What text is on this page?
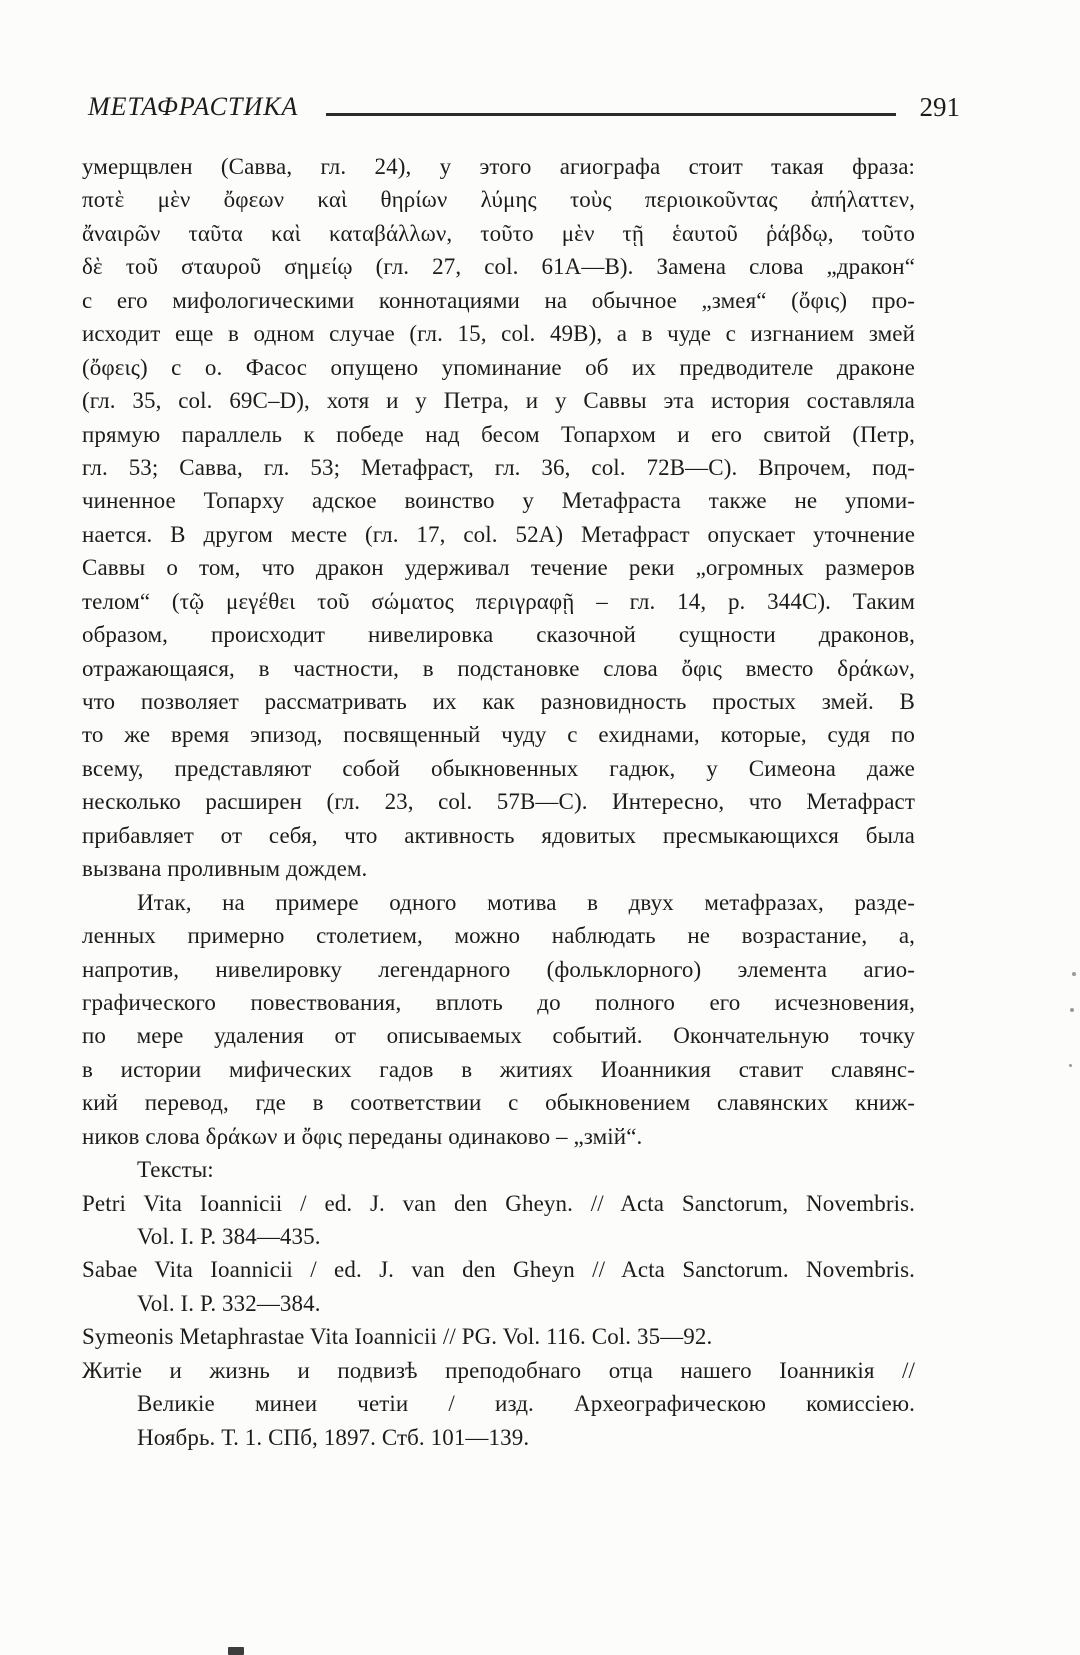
МЕТАФРАСТИКА	291
умерщвлен (Савва, гл. 24), у этого агиографа стоит такая фраза:
ποτὲ μὲν ὄφεων καὶ θηρίων λύμης τοὺς περιοικοῦντας ἀπήλαττεν,
ἄναιρῶν ταῦτα καὶ καταβάλλων, τοῦτο μὲν τῇ ἑαυτοῦ ῥάβδῳ, τοῦτο
δὲ τοῦ σταυροῦ σημείῳ (гл. 27, col. 61A—B). Замена слова „дракон“
с его мифологическими коннотациями на обычное „змея“ (ὄφις) про-
исходит еще в одном случае (гл. 15, col. 49B), а в чуде с изгнанием змей
(ὄφεις) с о. Фасос опущено упоминание об их предводителе драконе
(гл. 35, col. 69C–D), хотя и у Петра, и у Саввы эта история составляла
прямую параллель к победе над бесом Топархом и его свитой (Петр,
гл. 53; Савва, гл. 53; Метафраст, гл. 36, col. 72B—C). Впрочем, под-
чиненное Топарху адское воинство у Метафраста также не упоми-
нается. В другом месте (гл. 17, col. 52A) Метафраст опускает уточнение
Саввы о том, что дракон удерживал течение реки „огромных размеров
телом“ (τῷ μεγέθει τοῦ σώματος περιγραφῇ – гл. 14, p. 344C). Таким
образом, происходит нивелировка сказочной сущности драконов,
отражающаяся, в частности, в подстановке слова ὄφις вместо δράκων,
что позволяет рассматривать их как разновидность простых змей. В
то же время эпизод, посвященный чуду с ехиднами, которые, судя по
всему, представляют собой обыкновенных гадюк, у Симеона даже
несколько расширен (гл. 23, col. 57B—C). Интересно, что Метафраст
прибавляет от себя, что активность ядовитых пресмыкающихся была
вызвана проливным дождем.
Итак, на примере одного мотива в двух метафразах, разде-
ленных примерно столетием, можно наблюдать не возрастание, а,
напротив, нивелировку легендарного (фольклорного) элемента агио-
графического повествования, вплоть до полного его исчезновения,
по мере удаления от описываемых событий. Окончательную точку
в истории мифических гадов в житиях Иоанникия ставит славянс-
кий перевод, где в соответствии с обыкновением славянских книж-
ников слова δράκων и ὄφις переданы одинаково – „змій“.
Тексты:
Petri Vita Ioannicii / ed. J. van den Gheyn. // Acta Sanctorum, Novembris.
Vol. I. P. 384—435.
Sabae Vita Ioannicii / ed. J. van den Gheyn // Acta Sanctorum. Novembris.
Vol. I. P. 332—384.
Symeonis Metaphrastae Vita Ioannicii // PG. Vol. 116. Col. 35—92.
Житіе и жизнь и подвизѣ преподобнаго отца нашего Іоанникія //
Великіе минеи четіи / изд. Археографическою комиссіею.
Ноябрь. Т. 1. СПб, 1897. Стб. 101—139.
